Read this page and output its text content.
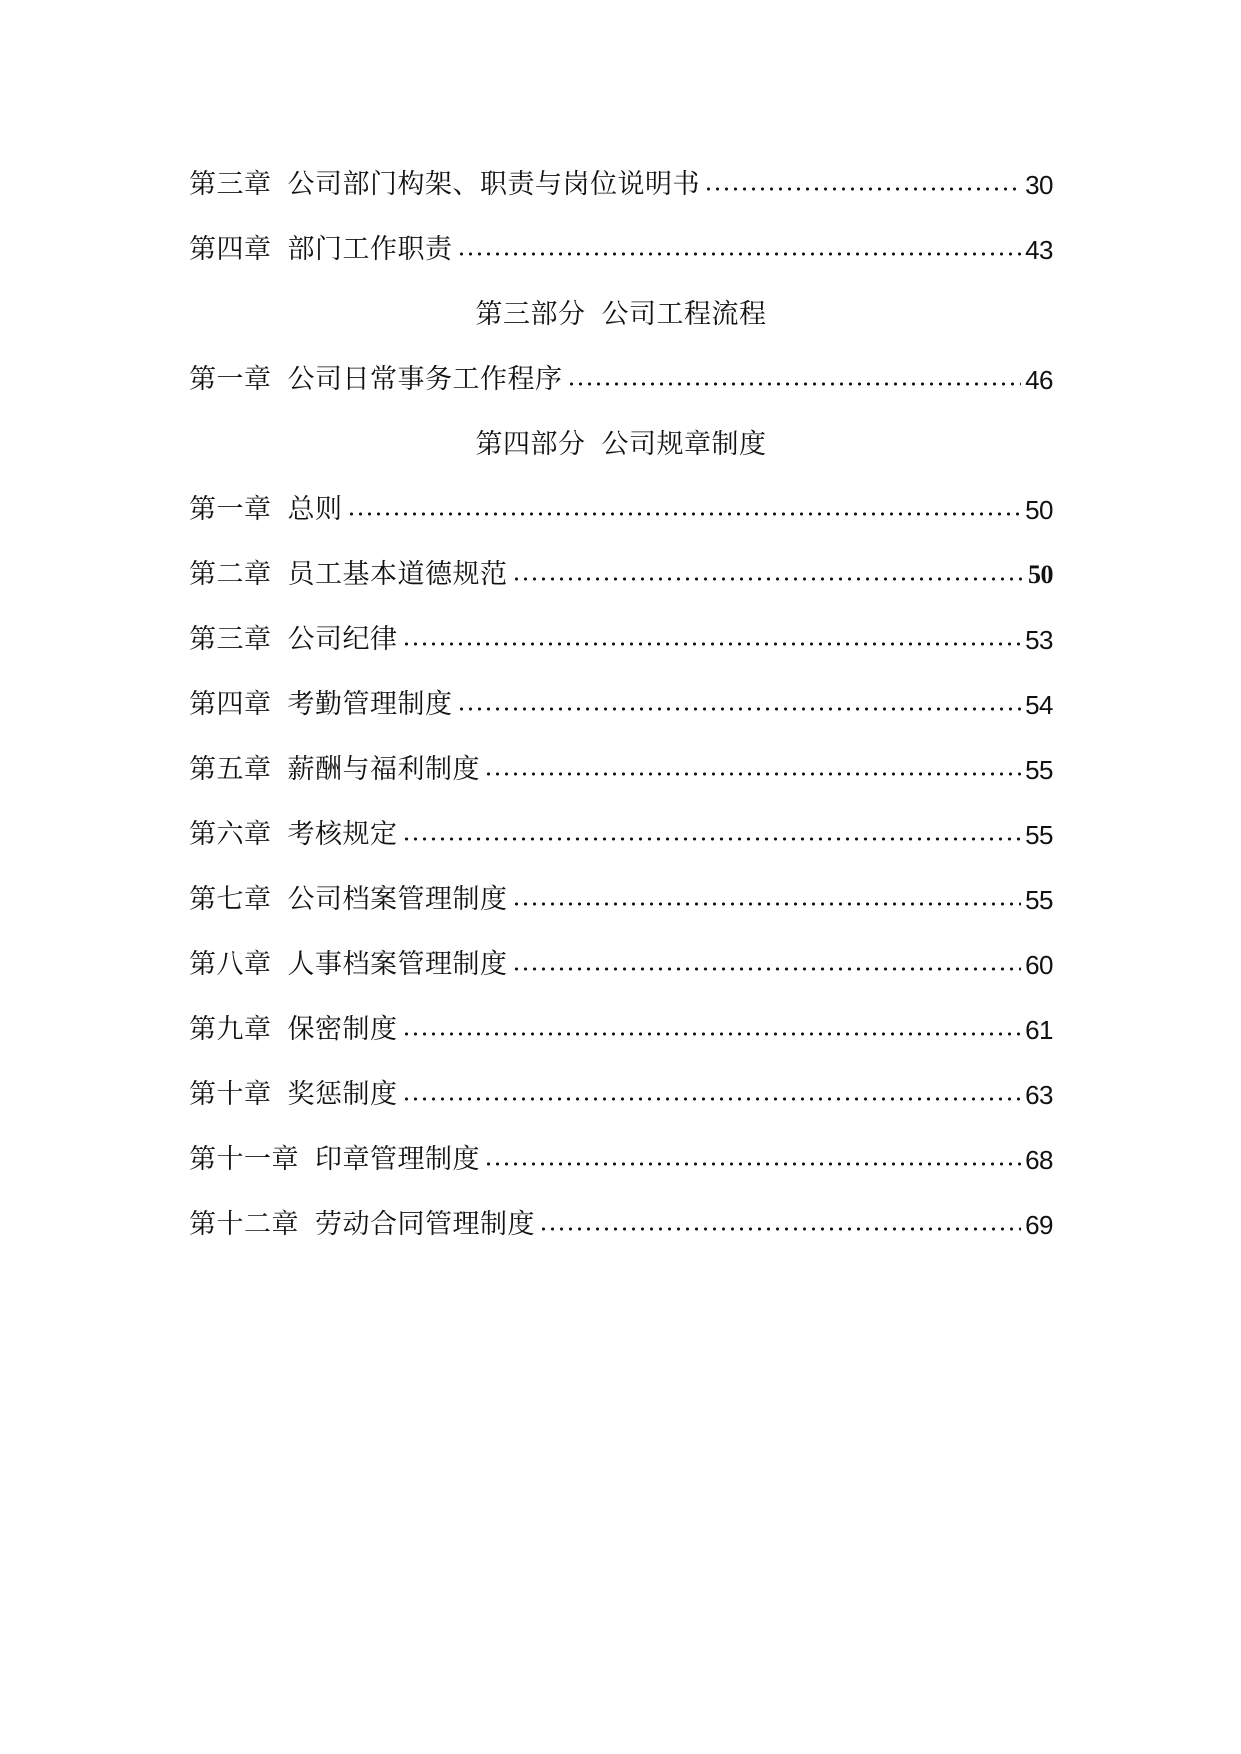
第三章 公司部门构架、职责与岗位说明书	30
第四章 部门工作职责	43
第三部分 公司工程流程
第一章 公司日常事务工作程序	46
第四部分 公司规章制度
第一章 总则	50
第二章 员工基本道德规范	50
第三章 公司纪律	53
第四章 考勤管理制度	54
第五章 薪酬与福利制度	55
第六章 考核规定	55
第七章 公司档案管理制度	55
第八章 人事档案管理制度	60
第九章 保密制度	61
第十章 奖惩制度	63
第十一章 印章管理制度	68
第十二章 劳动合同管理制度	69
